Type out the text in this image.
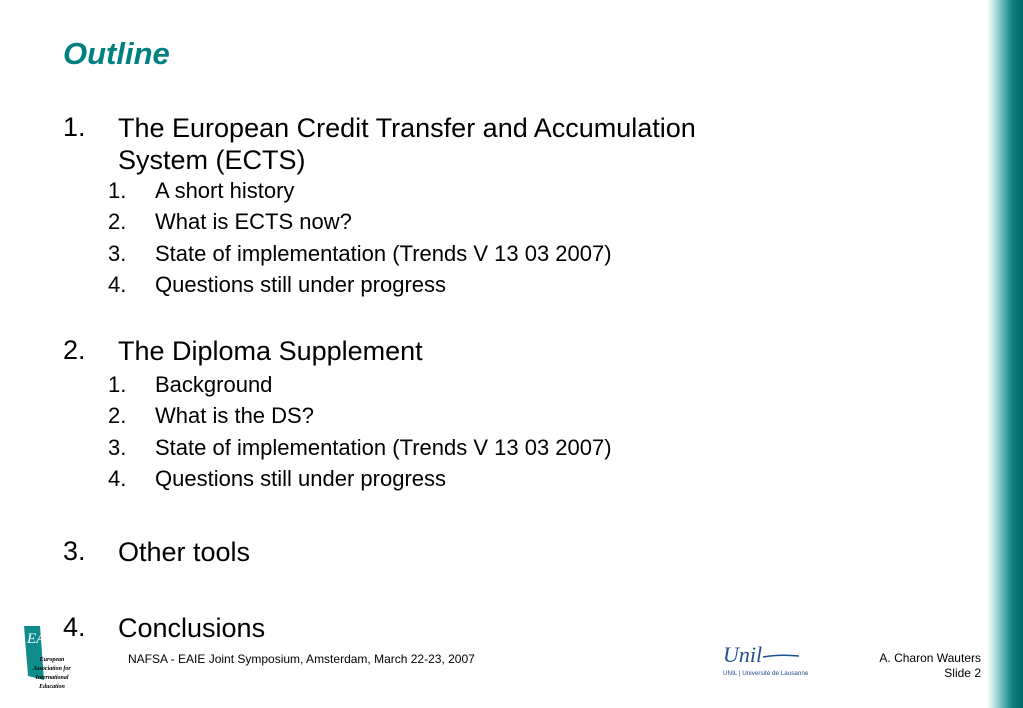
Outline
1. The European Credit Transfer and Accumulation
System (ECTS)
1. A short history
2. What is ECTS now?
3. State of implementation (Trends V 13 03 2007)
4. Questions still under progress
2. The Diploma Supplement
1. Background
2. What is the DS?
3. State of implementation (Trends V 13 03 2007)
4. Questions still under progress
3. Other tools
4. Conclusions
EAIE
European
Association for
International
Education
NAFSA - EAIE Joint Symposium, Amsterdam, March 22-23, 2007	Unil
UNIL | Université de Lausanne
A. Charon Wauters
Slide 2
